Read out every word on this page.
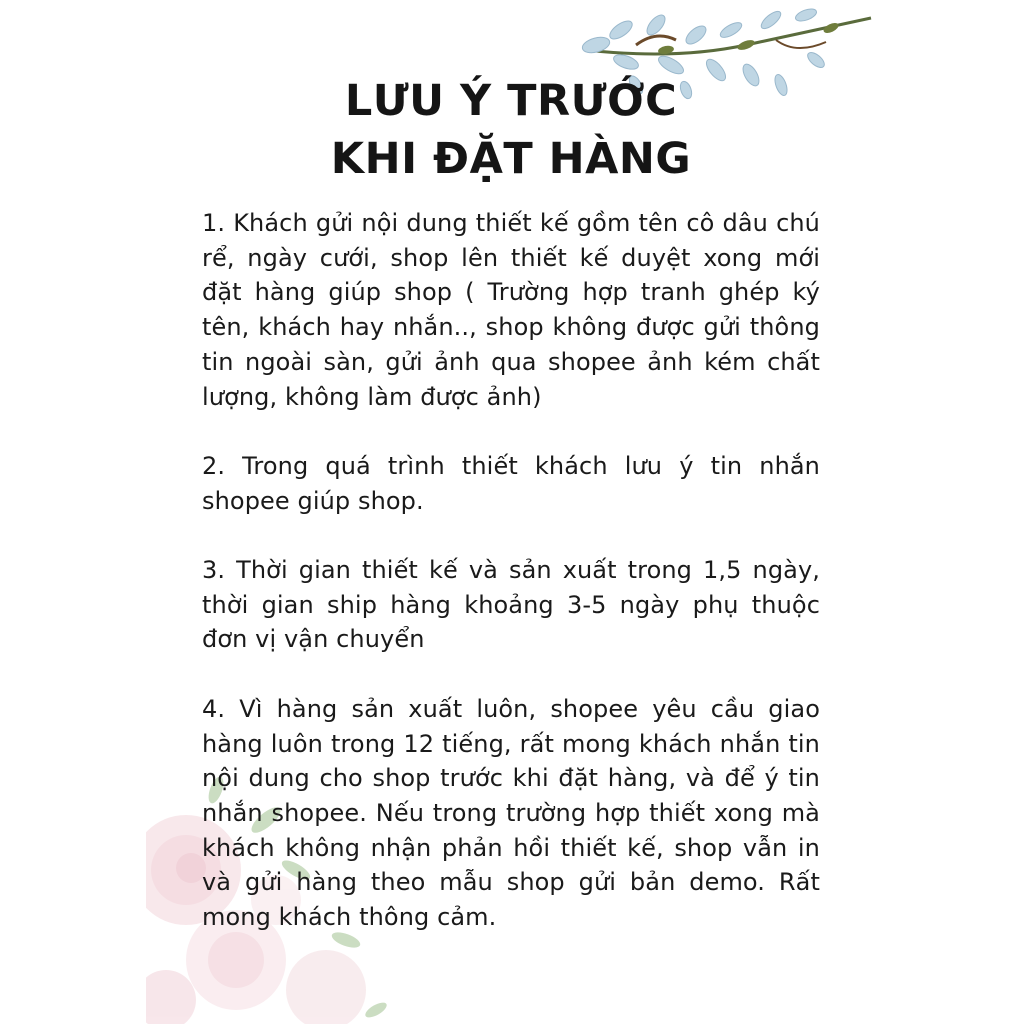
LƯU Ý TRƯỚC
KHI ĐẶT HÀNG

1. Khách gửi nội dung thiết kế gồm tên cô dâu chú rể, ngày cưới, shop lên thiết kế duyệt xong mới đặt hàng giúp shop ( Trường hợp tranh ghép ký tên, khách hay nhắn.., shop không được gửi thông tin ngoài sàn, gửi ảnh qua shopee ảnh kém chất lượng, không làm được ảnh)

2. Trong quá trình thiết khách lưu ý tin nhắn shopee giúp shop.

3. Thời gian thiết kế và sản xuất trong 1,5 ngày, thời gian ship hàng khoảng 3-5 ngày phụ thuộc đơn vị vận chuyển

4. Vì hàng sản xuất luôn, shopee yêu cầu giao hàng luôn trong 12 tiếng, rất mong khách nhắn tin nội dung cho shop trước khi đặt hàng, và để ý tin nhắn shopee. Nếu trong trường hợp thiết xong mà khách không nhận phản hồi thiết kế, shop vẫn in và gửi hàng theo mẫu shop gửi bản demo. Rất mong khách thông cảm.
